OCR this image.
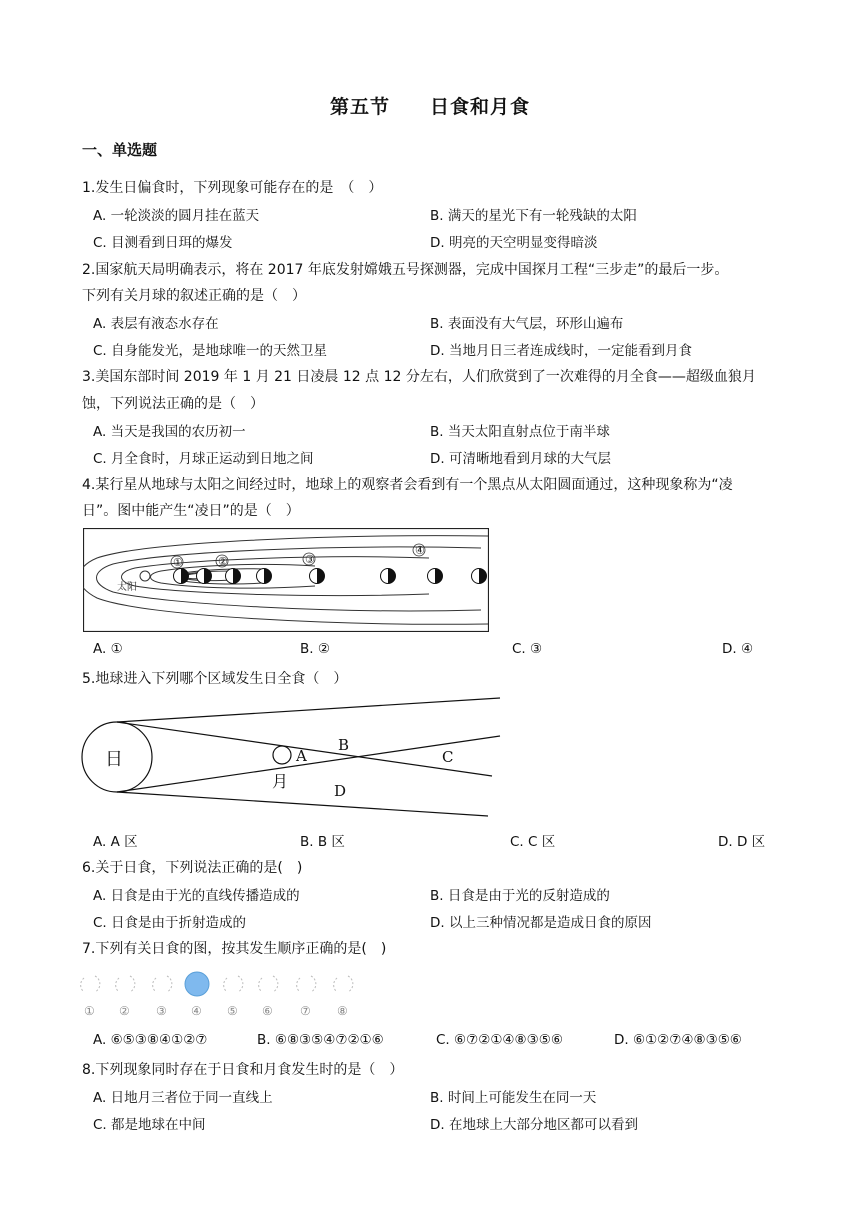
第五节　　日食和月食
一、单选题
1.发生日偏食时，下列现象可能存在的是　（　）
A. 一轮淡淡的圆月挂在蓝天	B. 满天的星光下有一轮残缺的太阳
C. 目测看到日珥的爆发	D. 明亮的天空明显变得暗淡
2.国家航天局明确表示，将在 2017 年底发射嫦娥五号探测器，完成中国探月工程“三步走”的最后一步。
下列有关月球的叙述正确的是（　）
A. 表层有液态水存在	B. 表面没有大气层，环形山遍布
C. 自身能发光，是地球唯一的天然卫星	D. 当地月日三者连成线时，一定能看到月食
3.美国东部时间 2019 年 1 月 21 日凌晨 12 点 12 分左右，人们欣赏到了一次难得的月全食——超级血狼月
蚀，下列说法正确的是（　）
A. 当天是我国的农历初一	B. 当天太阳直射点位于南半球
C. 月全食时，月球正运动到日地之间	D. 可清晰地看到月球的大气层
4.某行星从地球与太阳之间经过时，地球上的观察者会看到有一个黑点从太阳圆面通过，这种现象称为“凌
日”。图中能产生“凌日”的是（　）
太阳
①	②	③
④
A. ①	B. ②	C. ③	D. ④
5.地球进入下列哪个区域发生日全食（　）
日
月
A
B
C
D
A. A 区	B. B 区	C. C 区	D. D 区
6.关于日食，下列说法正确的是(　)
A. 日食是由于光的直线传播造成的	B. 日食是由于光的反射造成的
C. 日食是由于折射造成的	D. 以上三种情况都是造成日食的原因
7.下列有关日食的图，按其发生顺序正确的是(　)
① ② ③ ④ ⑤ ⑥ ⑦ ⑧
A. ⑥⑤③⑧④①②⑦	B. ⑥⑧③⑤④⑦②①⑥	C. ⑥⑦②①④⑧③⑤⑥	D. ⑥①②⑦④⑧③⑤⑥
8.下列现象同时存在于日食和月食发生时的是（　）
A. 日地月三者位于同一直线上	B. 时间上可能发生在同一天
C. 都是地球在中间	D. 在地球上大部分地区都可以看到
